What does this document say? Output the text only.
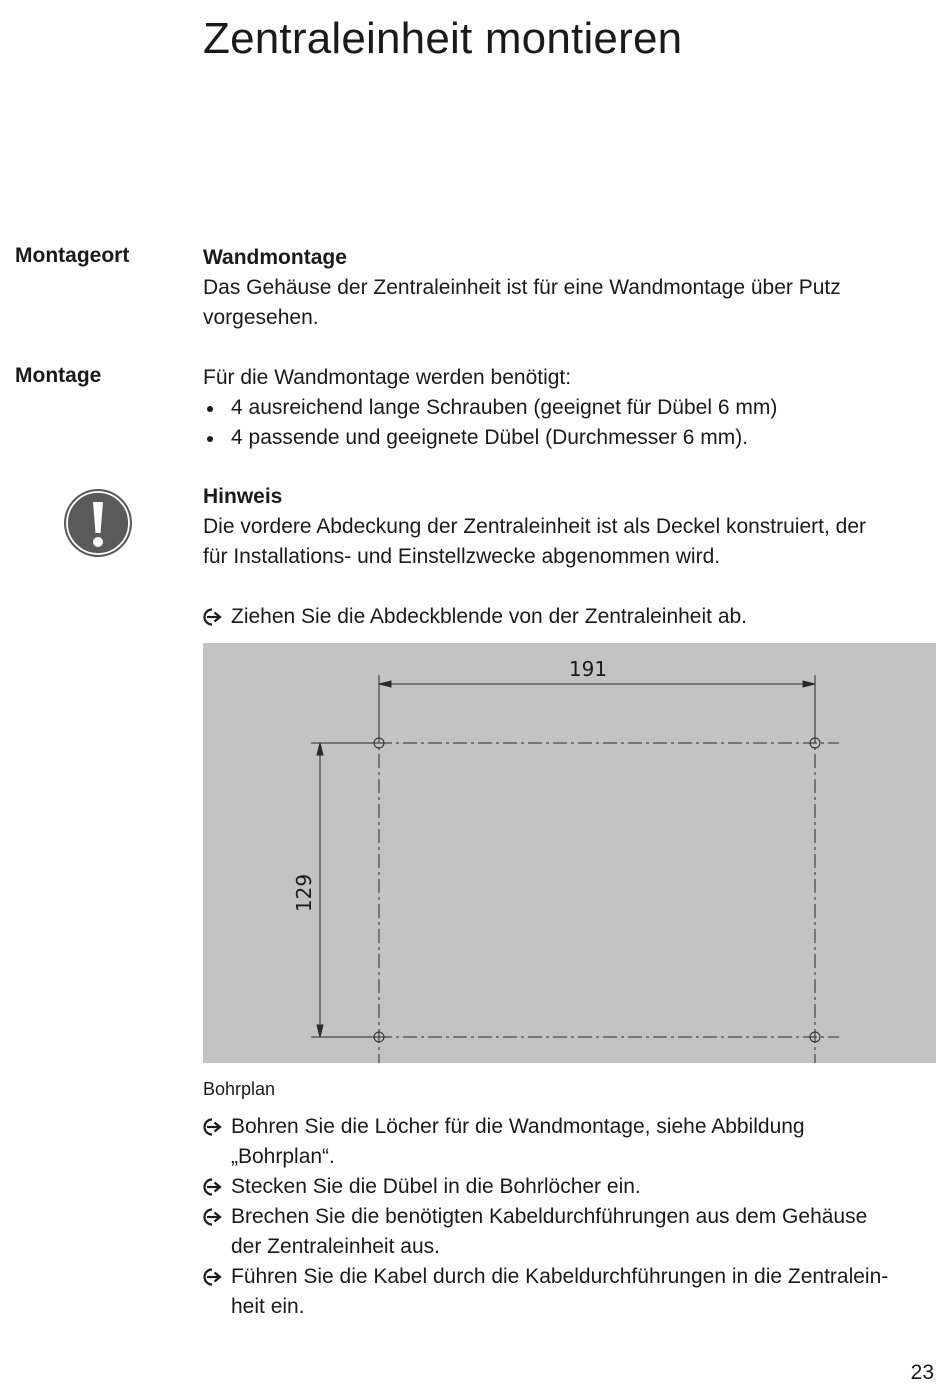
Zentraleinheit montieren
Montageort	Wandmontage

Das Gehäuse der Zentraleinheit ist für eine Wandmontage über Putz

vorgesehen.

Montage	Für die Wandmontage werden benötigt:

4 ausreichend lange Schrauben (geeignet für Dübel 6 mm)
4 passende und geeignete Dübel (Durchmesser 6 mm).

Hinweis

Die vordere Abdeckung der Zentraleinheit ist als Deckel konstruiert, der

für Installations- und Einstellzwecke abgenommen wird.

Ziehen Sie die Abdeckblende von der Zentraleinheit ab.
191
129
Bohrplan
Bohren Sie die Löcher für die Wandmontage, siehe Abbildung
„Bohrplan“.
Stecken Sie die Dübel in die Bohrlöcher ein.
Brechen Sie die benötigten Kabeldurchführungen aus dem Gehäuse
der Zentraleinheit aus.
Führen Sie die Kabel durch die Kabeldurchführungen in die Zentralein-
heit ein.
23
